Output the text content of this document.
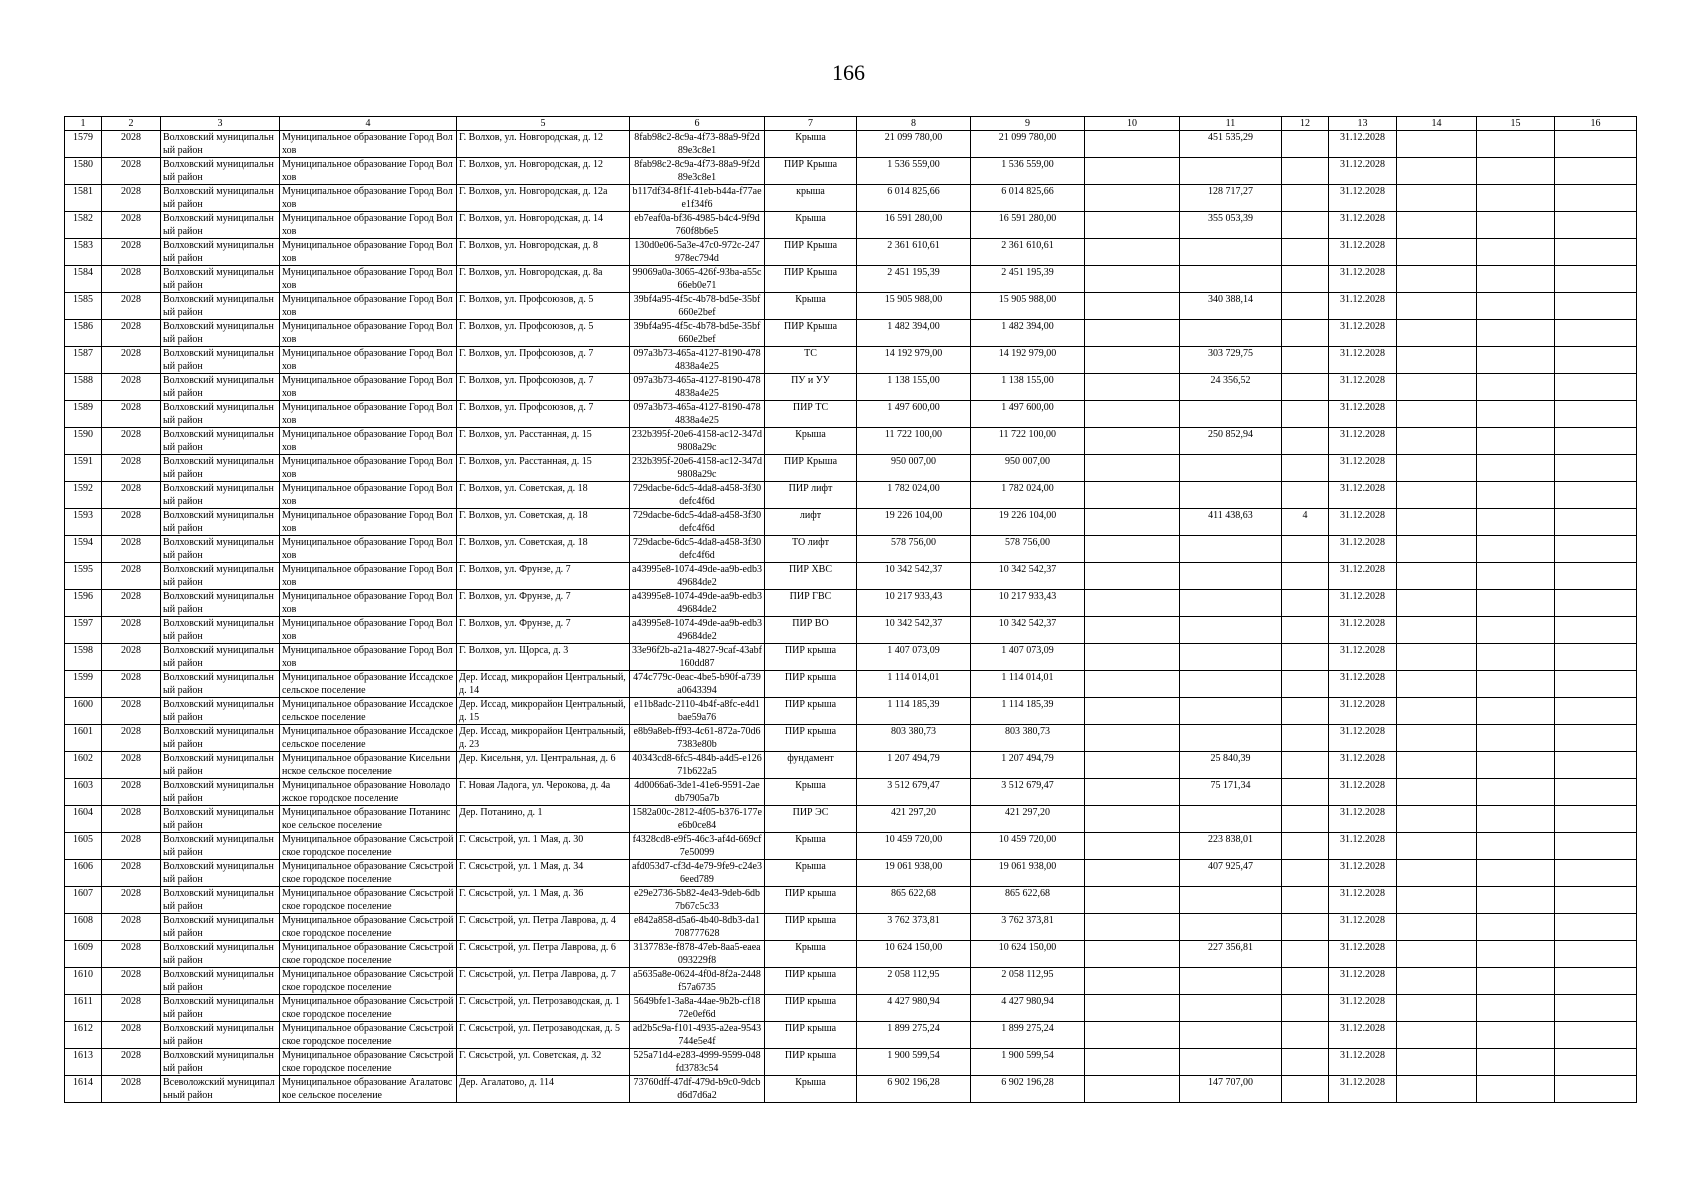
166
1	2	3	4	5	6	7	8	9	10	11	12	13	14	15	16
1579	2028	Волховский муниципальный район	Муниципальное образование Город Волхов	Г. Волхов, ул. Новгородская, д. 12	8fab98c2-8c9a-4f73-88a9-9f2d89e3c8e1	Крыша	21 099 780,00	21 099 780,00		451 535,29		31.12.2028			
1580	2028	Волховский муниципальный район	Муниципальное образование Город Волхов	Г. Волхов, ул. Новгородская, д. 12	8fab98c2-8c9a-4f73-88a9-9f2d89e3c8e1	ПИР Крыша	1 536 559,00	1 536 559,00				31.12.2028			
1581	2028	Волховский муниципальный район	Муниципальное образование Город Волхов	Г. Волхов, ул. Новгородская, д. 12а	b117df34-8f1f-41eb-b44a-f77aee1f34f6	крыша	6 014 825,66	6 014 825,66		128 717,27		31.12.2028			
1582	2028	Волховский муниципальный район	Муниципальное образование Город Волхов	Г. Волхов, ул. Новгородская, д. 14	eb7eaf0a-bf36-4985-b4c4-9f9d760f8b6e5	Крыша	16 591 280,00	16 591 280,00		355 053,39		31.12.2028			
1583	2028	Волховский муниципальный район	Муниципальное образование Город Волхов	Г. Волхов, ул. Новгородская, д. 8	130d0e06-5a3e-47c0-972c-247978ec794d	ПИР Крыша	2 361 610,61	2 361 610,61				31.12.2028			
1584	2028	Волховский муниципальный район	Муниципальное образование Город Волхов	Г. Волхов, ул. Новгородская, д. 8а	99069a0a-3065-426f-93ba-a55c66eb0e71	ПИР Крыша	2 451 195,39	2 451 195,39				31.12.2028			
1585	2028	Волховский муниципальный район	Муниципальное образование Город Волхов	Г. Волхов, ул. Профсоюзов, д. 5	39bf4a95-4f5c-4b78-bd5e-35bf660e2bef	Крыша	15 905 988,00	15 905 988,00		340 388,14		31.12.2028			
1586	2028	Волховский муниципальный район	Муниципальное образование Город Волхов	Г. Волхов, ул. Профсоюзов, д. 5	39bf4a95-4f5c-4b78-bd5e-35bf660e2bef	ПИР Крыша	1 482 394,00	1 482 394,00				31.12.2028			
1587	2028	Волховский муниципальный район	Муниципальное образование Город Волхов	Г. Волхов, ул. Профсоюзов, д. 7	097a3b73-465a-4127-8190-4784838a4e25	ТС	14 192 979,00	14 192 979,00		303 729,75		31.12.2028			
1588	2028	Волховский муниципальный район	Муниципальное образование Город Волхов	Г. Волхов, ул. Профсоюзов, д. 7	097a3b73-465a-4127-8190-4784838a4e25	ПУ и УУ	1 138 155,00	1 138 155,00		24 356,52		31.12.2028			
1589	2028	Волховский муниципальный район	Муниципальное образование Город Волхов	Г. Волхов, ул. Профсоюзов, д. 7	097a3b73-465a-4127-8190-4784838a4e25	ПИР ТС	1 497 600,00	1 497 600,00				31.12.2028			
1590	2028	Волховский муниципальный район	Муниципальное образование Город Волхов	Г. Волхов, ул. Расстанная, д. 15	232b395f-20e6-4158-ac12-347d9808a29c	Крыша	11 722 100,00	11 722 100,00		250 852,94		31.12.2028			
1591	2028	Волховский муниципальный район	Муниципальное образование Город Волхов	Г. Волхов, ул. Расстанная, д. 15	232b395f-20e6-4158-ac12-347d9808a29c	ПИР Крыша	950 007,00	950 007,00				31.12.2028			
1592	2028	Волховский муниципальный район	Муниципальное образование Город Волхов	Г. Волхов, ул. Советская, д. 18	729dacbe-6dc5-4da8-a458-3f30defc4f6d	ПИР лифт	1 782 024,00	1 782 024,00				31.12.2028			
1593	2028	Волховский муниципальный район	Муниципальное образование Город Волхов	Г. Волхов, ул. Советская, д. 18	729dacbe-6dc5-4da8-a458-3f30defc4f6d	лифт	19 226 104,00	19 226 104,00		411 438,63	4	31.12.2028			
1594	2028	Волховский муниципальный район	Муниципальное образование Город Волхов	Г. Волхов, ул. Советская, д. 18	729dacbe-6dc5-4da8-a458-3f30defc4f6d	ТО лифт	578 756,00	578 756,00				31.12.2028			
1595	2028	Волховский муниципальный район	Муниципальное образование Город Волхов	Г. Волхов, ул. Фрунзе, д. 7	a43995e8-1074-49de-aa9b-edb349684de2	ПИР ХВС	10 342 542,37	10 342 542,37				31.12.2028			
1596	2028	Волховский муниципальный район	Муниципальное образование Город Волхов	Г. Волхов, ул. Фрунзе, д. 7	a43995e8-1074-49de-aa9b-edb349684de2	ПИР ГВС	10 217 933,43	10 217 933,43				31.12.2028			
1597	2028	Волховский муниципальный район	Муниципальное образование Город Волхов	Г. Волхов, ул. Фрунзе, д. 7	a43995e8-1074-49de-aa9b-edb349684de2	ПИР ВО	10 342 542,37	10 342 542,37				31.12.2028			
1598	2028	Волховский муниципальный район	Муниципальное образование Город Волхов	Г. Волхов, ул. Щорса, д. 3	33e96f2b-a21a-4827-9caf-43abf160dd87	ПИР крыша	1 407 073,09	1 407 073,09				31.12.2028			
1599	2028	Волховский муниципальный район	Муниципальное образование Иссадское сельское поселение	Дер. Иссад, микрорайон Центральный, д. 14	474c779c-0eac-4be5-b90f-a739a0643394	ПИР крыша	1 114 014,01	1 114 014,01				31.12.2028			
1600	2028	Волховский муниципальный район	Муниципальное образование Иссадское сельское поселение	Дер. Иссад, микрорайон Центральный, д. 15	e11b8adc-2110-4b4f-a8fc-e4d1bae59a76	ПИР крыша	1 114 185,39	1 114 185,39				31.12.2028			
1601	2028	Волховский муниципальный район	Муниципальное образование Иссадское сельское поселение	Дер. Иссад, микрорайон Центральный, д. 23	e8b9a8eb-ff93-4c61-872a-70d67383e80b	ПИР крыша	803 380,73	803 380,73				31.12.2028			
1602	2028	Волховский муниципальный район	Муниципальное образование Кисельнинское сельское поселение	Дер. Кисельня, ул. Центральная, д. 6	40343cd8-6fc5-484b-a4d5-e12671b622a5	фундамент	1 207 494,79	1 207 494,79		25 840,39		31.12.2028			
1603	2028	Волховский муниципальный район	Муниципальное образование Новоладожское городское поселение	Г. Новая Ладога, ул. Черокова, д. 4а	4d0066a6-3de1-41e6-9591-2aedb7905a7b	Крыша	3 512 679,47	3 512 679,47		75 171,34		31.12.2028			
1604	2028	Волховский муниципальный район	Муниципальное образование Потанинское сельское поселение	Дер. Потанино, д. 1	1582a00c-2812-4f05-b376-177ee6b0ce84	ПИР ЭС	421 297,20	421 297,20				31.12.2028			
1605	2028	Волховский муниципальный район	Муниципальное образование Сясьстройское городское поселение	Г. Сясьстрой, ул. 1 Мая, д. 30	f4328cd8-e9f5-46c3-af4d-669cf7e50099	Крыша	10 459 720,00	10 459 720,00		223 838,01		31.12.2028			
1606	2028	Волховский муниципальный район	Муниципальное образование Сясьстройское городское поселение	Г. Сясьстрой, ул. 1 Мая, д. 34	afd053d7-cf3d-4e79-9fe9-c24e36eed789	Крыша	19 061 938,00	19 061 938,00		407 925,47		31.12.2028			
1607	2028	Волховский муниципальный район	Муниципальное образование Сясьстройское городское поселение	Г. Сясьстрой, ул. 1 Мая, д. 36	e29e2736-5b82-4e43-9deb-6db7b67c5c33	ПИР крыша	865 622,68	865 622,68				31.12.2028			
1608	2028	Волховский муниципальный район	Муниципальное образование Сясьстройское городское поселение	Г. Сясьстрой, ул. Петра Лаврова, д. 4	e842a858-d5a6-4b40-8db3-da1708777628	ПИР крыша	3 762 373,81	3 762 373,81				31.12.2028			
1609	2028	Волховский муниципальный район	Муниципальное образование Сясьстройское городское поселение	Г. Сясьстрой, ул. Петра Лаврова, д. 6	3137783e-f878-47eb-8aa5-eaea093229f8	Крыша	10 624 150,00	10 624 150,00		227 356,81		31.12.2028			
1610	2028	Волховский муниципальный район	Муниципальное образование Сясьстройское городское поселение	Г. Сясьстрой, ул. Петра Лаврова, д. 7	a5635a8e-0624-4f0d-8f2a-2448f57a6735	ПИР крыша	2 058 112,95	2 058 112,95				31.12.2028			
1611	2028	Волховский муниципальный район	Муниципальное образование Сясьстройское городское поселение	Г. Сясьстрой, ул. Петрозаводская, д. 1	5649bfe1-3a8a-44ae-9b2b-cf1872e0ef6d	ПИР крыша	4 427 980,94	4 427 980,94				31.12.2028			
1612	2028	Волховский муниципальный район	Муниципальное образование Сясьстройское городское поселение	Г. Сясьстрой, ул. Петрозаводская, д. 5	ad2b5c9a-f101-4935-a2ea-9543744e5e4f	ПИР крыша	1 899 275,24	1 899 275,24				31.12.2028			
1613	2028	Волховский муниципальный район	Муниципальное образование Сясьстройское городское поселение	Г. Сясьстрой, ул. Советская, д. 32	525a71d4-e283-4999-9599-048fd3783c54	ПИР крыша	1 900 599,54	1 900 599,54				31.12.2028			
1614	2028	Всеволожский муниципальный район	Муниципальное образование Агалатовское сельское поселение	Дер. Агалатово, д. 114	73760dff-47df-479d-b9c0-9dcbd6d7d6a2	Крыша	6 902 196,28	6 902 196,28		147 707,00		31.12.2028			
